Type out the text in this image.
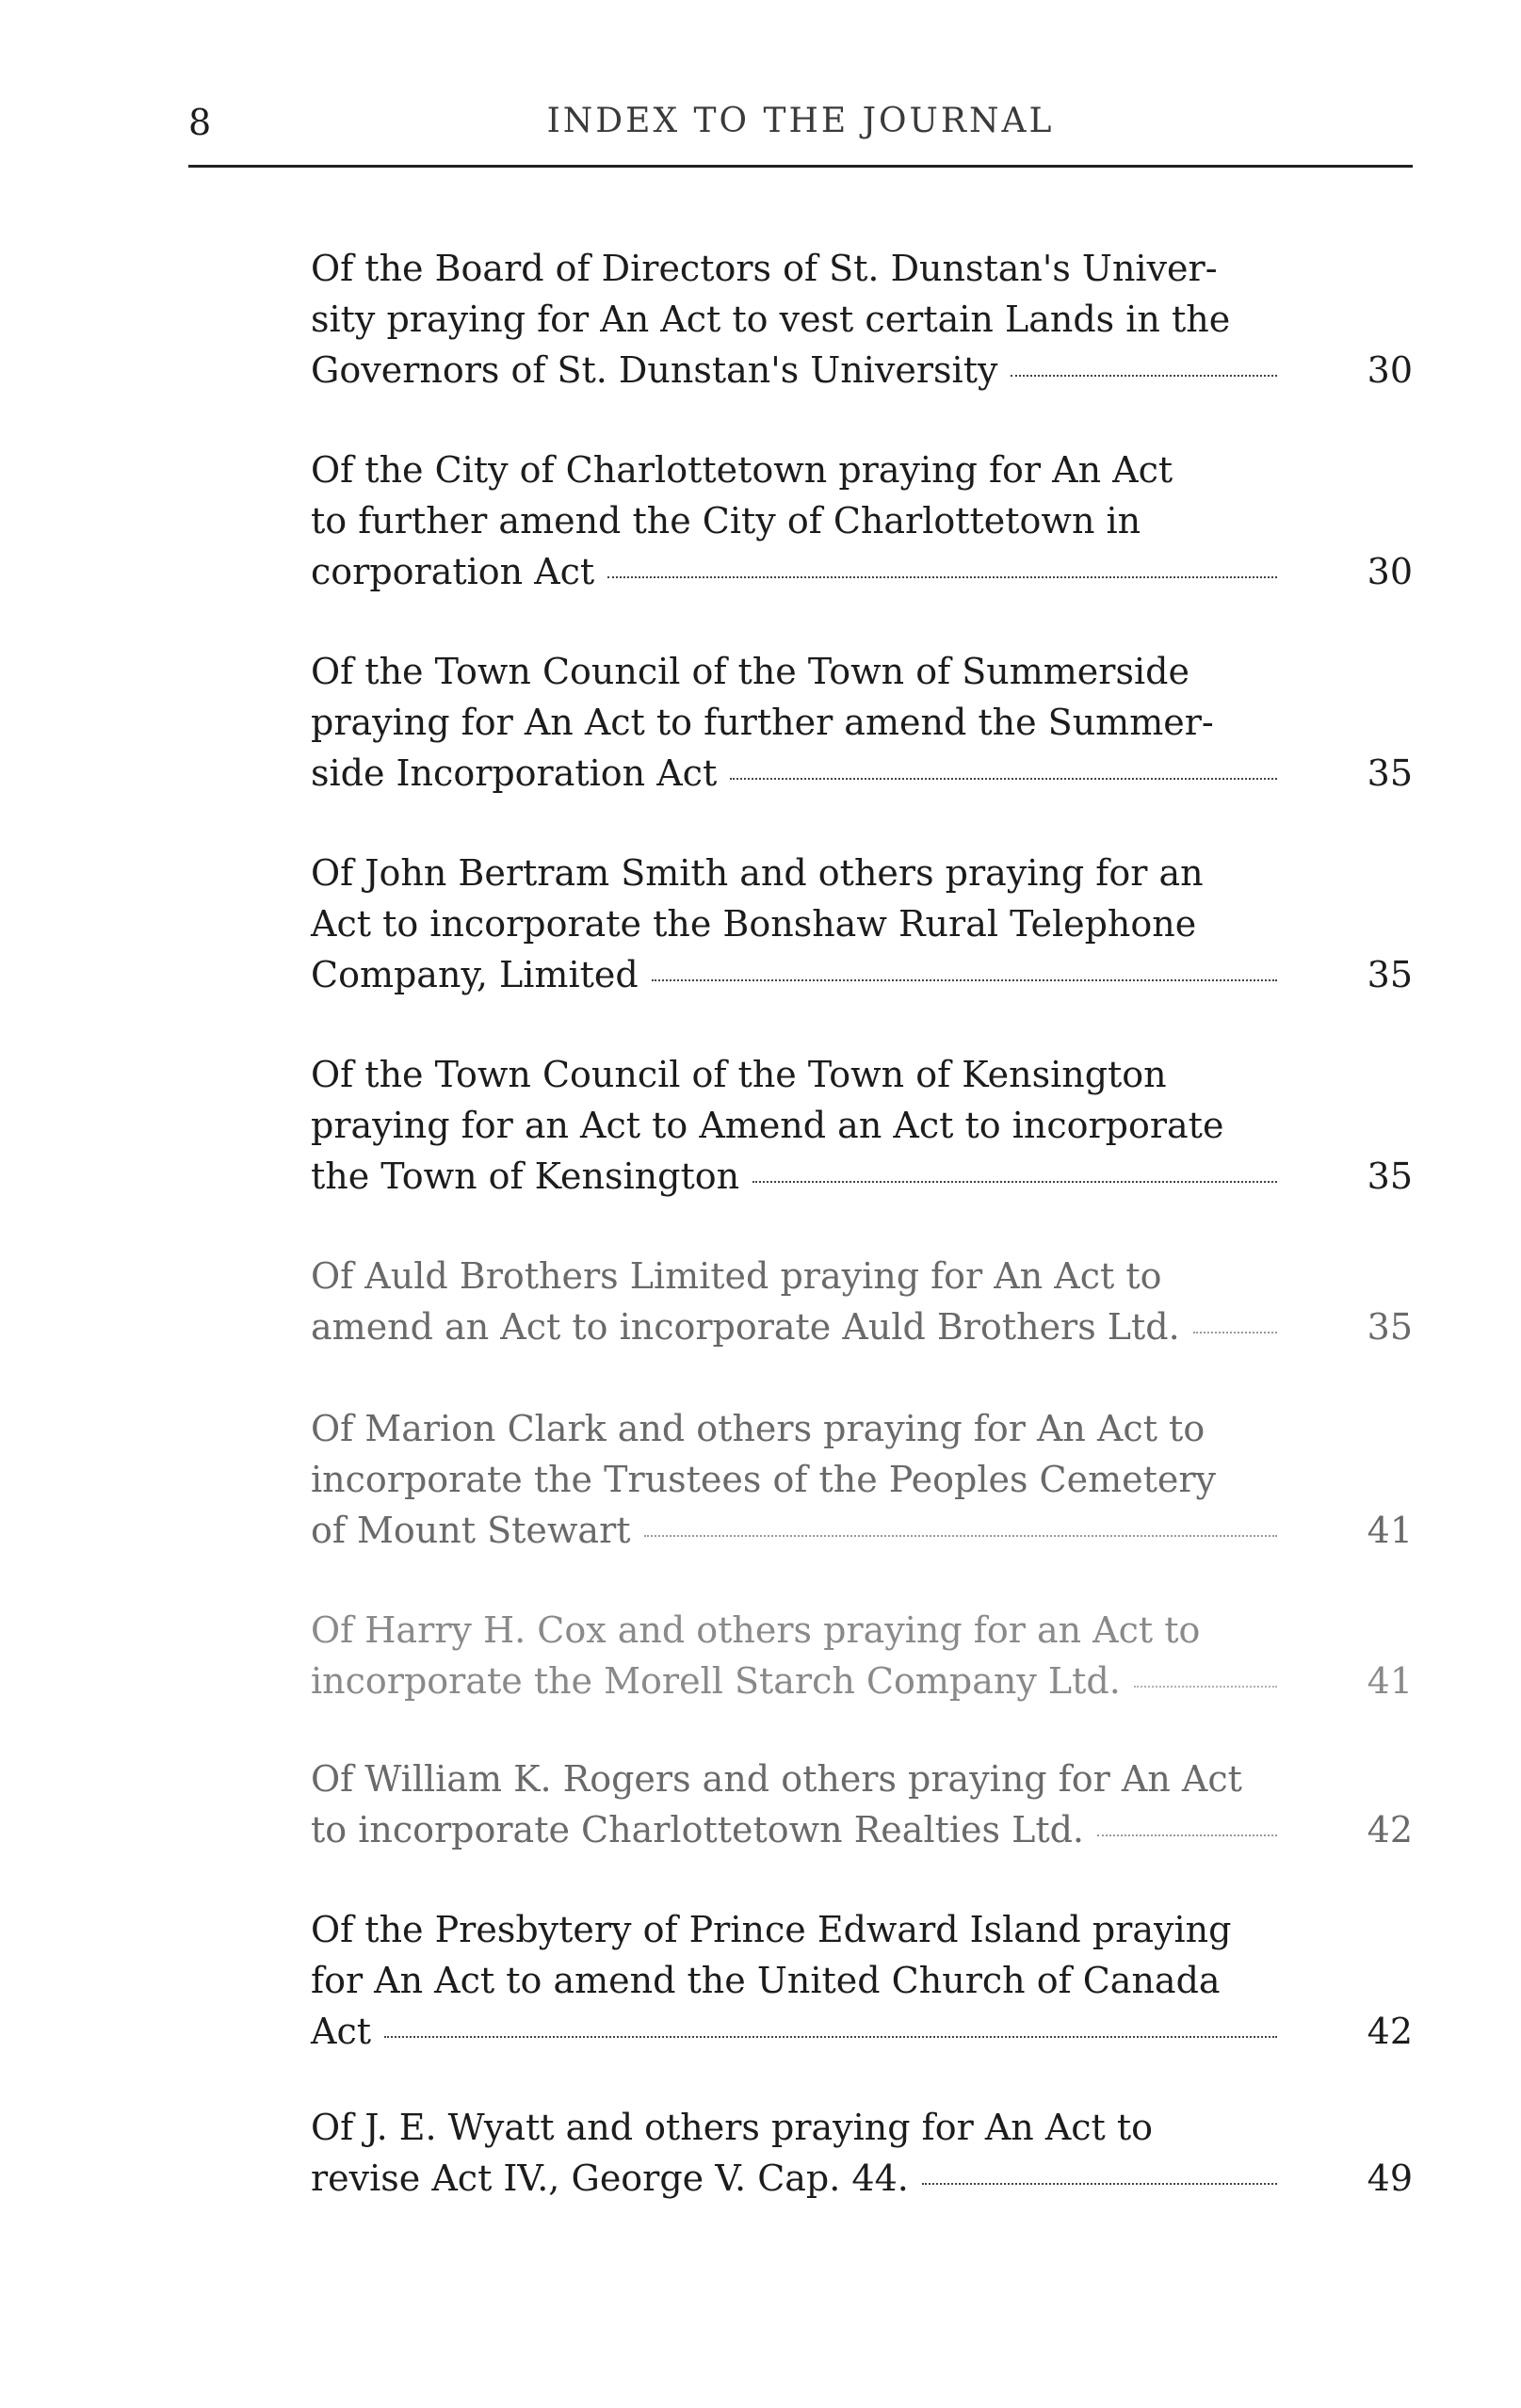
8	INDEX TO THE JOURNAL
Of the Board of Directors of St. Dunstan's Univer-
sity praying for An Act to vest certain Lands in the
Governors of St. Dunstan's University	30
Of the City of Charlottetown praying for An Act
to further amend the City of Charlottetown in
corporation Act	30
Of the Town Council of the Town of Summerside
praying for An Act to further amend the Summer-
side Incorporation Act	35
Of John Bertram Smith and others praying for an
Act to incorporate the Bonshaw Rural Telephone
Company, Limited	35
Of the Town Council of the Town of Kensington
praying for an Act to Amend an Act to incorporate
the Town of Kensington	35
Of Auld Brothers Limited praying for An Act to
amend an Act to incorporate Auld Brothers Ltd.	35
Of Marion Clark and others praying for An Act to
incorporate the Trustees of the Peoples Cemetery
of Mount Stewart	41
Of Harry H. Cox and others praying for an Act to
incorporate the Morell Starch Company Ltd.	41
Of William K. Rogers and others praying for An Act
to incorporate Charlottetown Realties Ltd.	42
Of the Presbytery of Prince Edward Island praying
for An Act to amend the United Church of Canada
Act	42
Of J. E. Wyatt and others praying for An Act to
revise Act IV., George V. Cap. 44.	49
